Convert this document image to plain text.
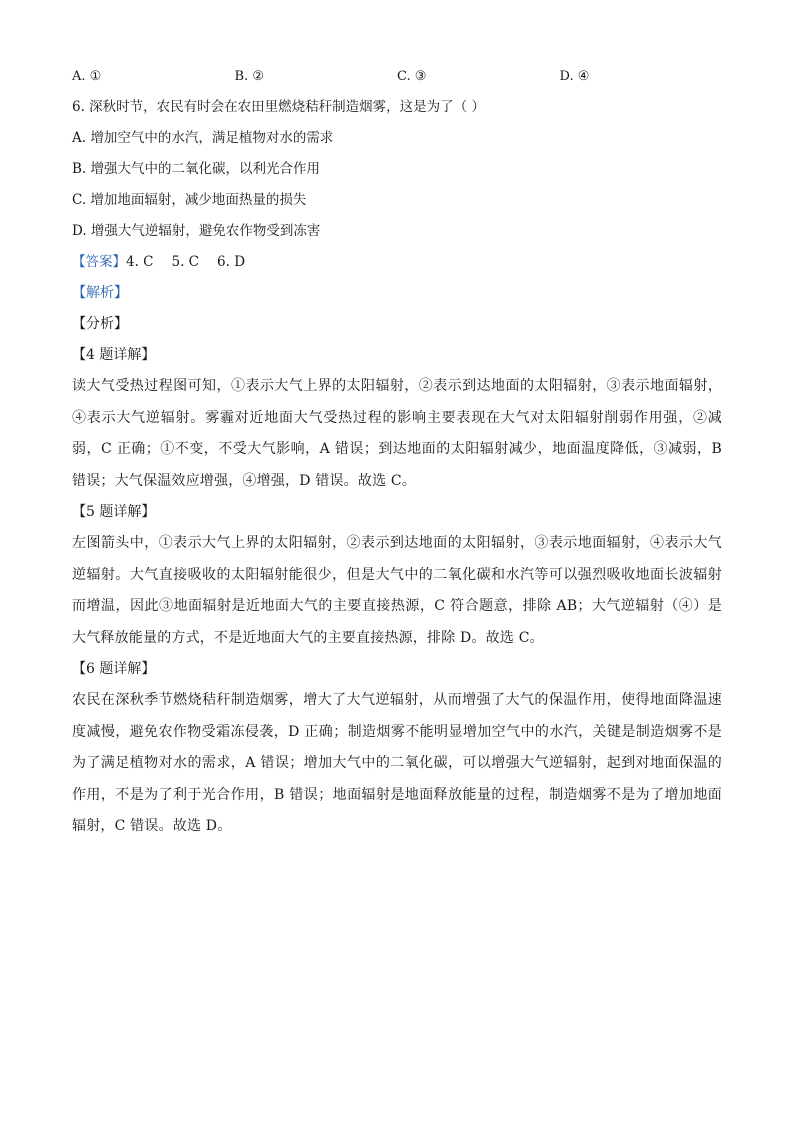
A. ①	B. ②	C. ③	D. ④
6. 深秋时节，农民有时会在农田里燃烧秸秆制造烟雾，这是为了（ ）
A. 增加空气中的水汽，满足植物对水的需求
B. 增强大气中的二氧化碳，以利光合作用
C. 增加地面辐射，减少地面热量的损失
D. 增强大气逆辐射，避免农作物受到冻害
【答案】4. C 5. C 6. D
【解析】
【分析】
【4 题详解】

读大气受热过程图可知，①表示大气上界的太阳辐射，②表示到达地面的太阳辐射，③表示地面辐射，④表示大气逆辐射。雾霾对近地面大气受热过程的影响主要表现在大气对太阳辐射削弱作用强，②减弱，C 正确；①不变，不受大气影响，A 错误；到达地面的太阳辐射减少，地面温度降低，③减弱，B 错误；大气保温效应增强，④增强，D 错误。故选 C。

【5 题详解】

左图箭头中，①表示大气上界的太阳辐射，②表示到达地面的太阳辐射，③表示地面辐射，④表示大气逆辐射。大气直接吸收的太阳辐射能很少，但是大气中的二氧化碳和水汽等可以强烈吸收地面长波辐射而增温，因此③地面辐射是近地面大气的主要直接热源，C 符合题意，排除 AB；大气逆辐射（④）是大气释放能量的方式，不是近地面大气的主要直接热源，排除 D。故选 C。

【6 题详解】

农民在深秋季节燃烧秸秆制造烟雾，增大了大气逆辐射，从而增强了大气的保温作用，使得地面降温速度减慢，避免农作物受霜冻侵袭，D 正确；制造烟雾不能明显增加空气中的水汽，关键是制造烟雾不是为了满足植物对水的需求，A 错误；增加大气中的二氧化碳，可以增强大气逆辐射，起到对地面保温的作用，不是为了利于光合作用，B 错误；地面辐射是地面释放能量的过程，制造烟雾不是为了增加地面辐射，C 错误。故选 D。
